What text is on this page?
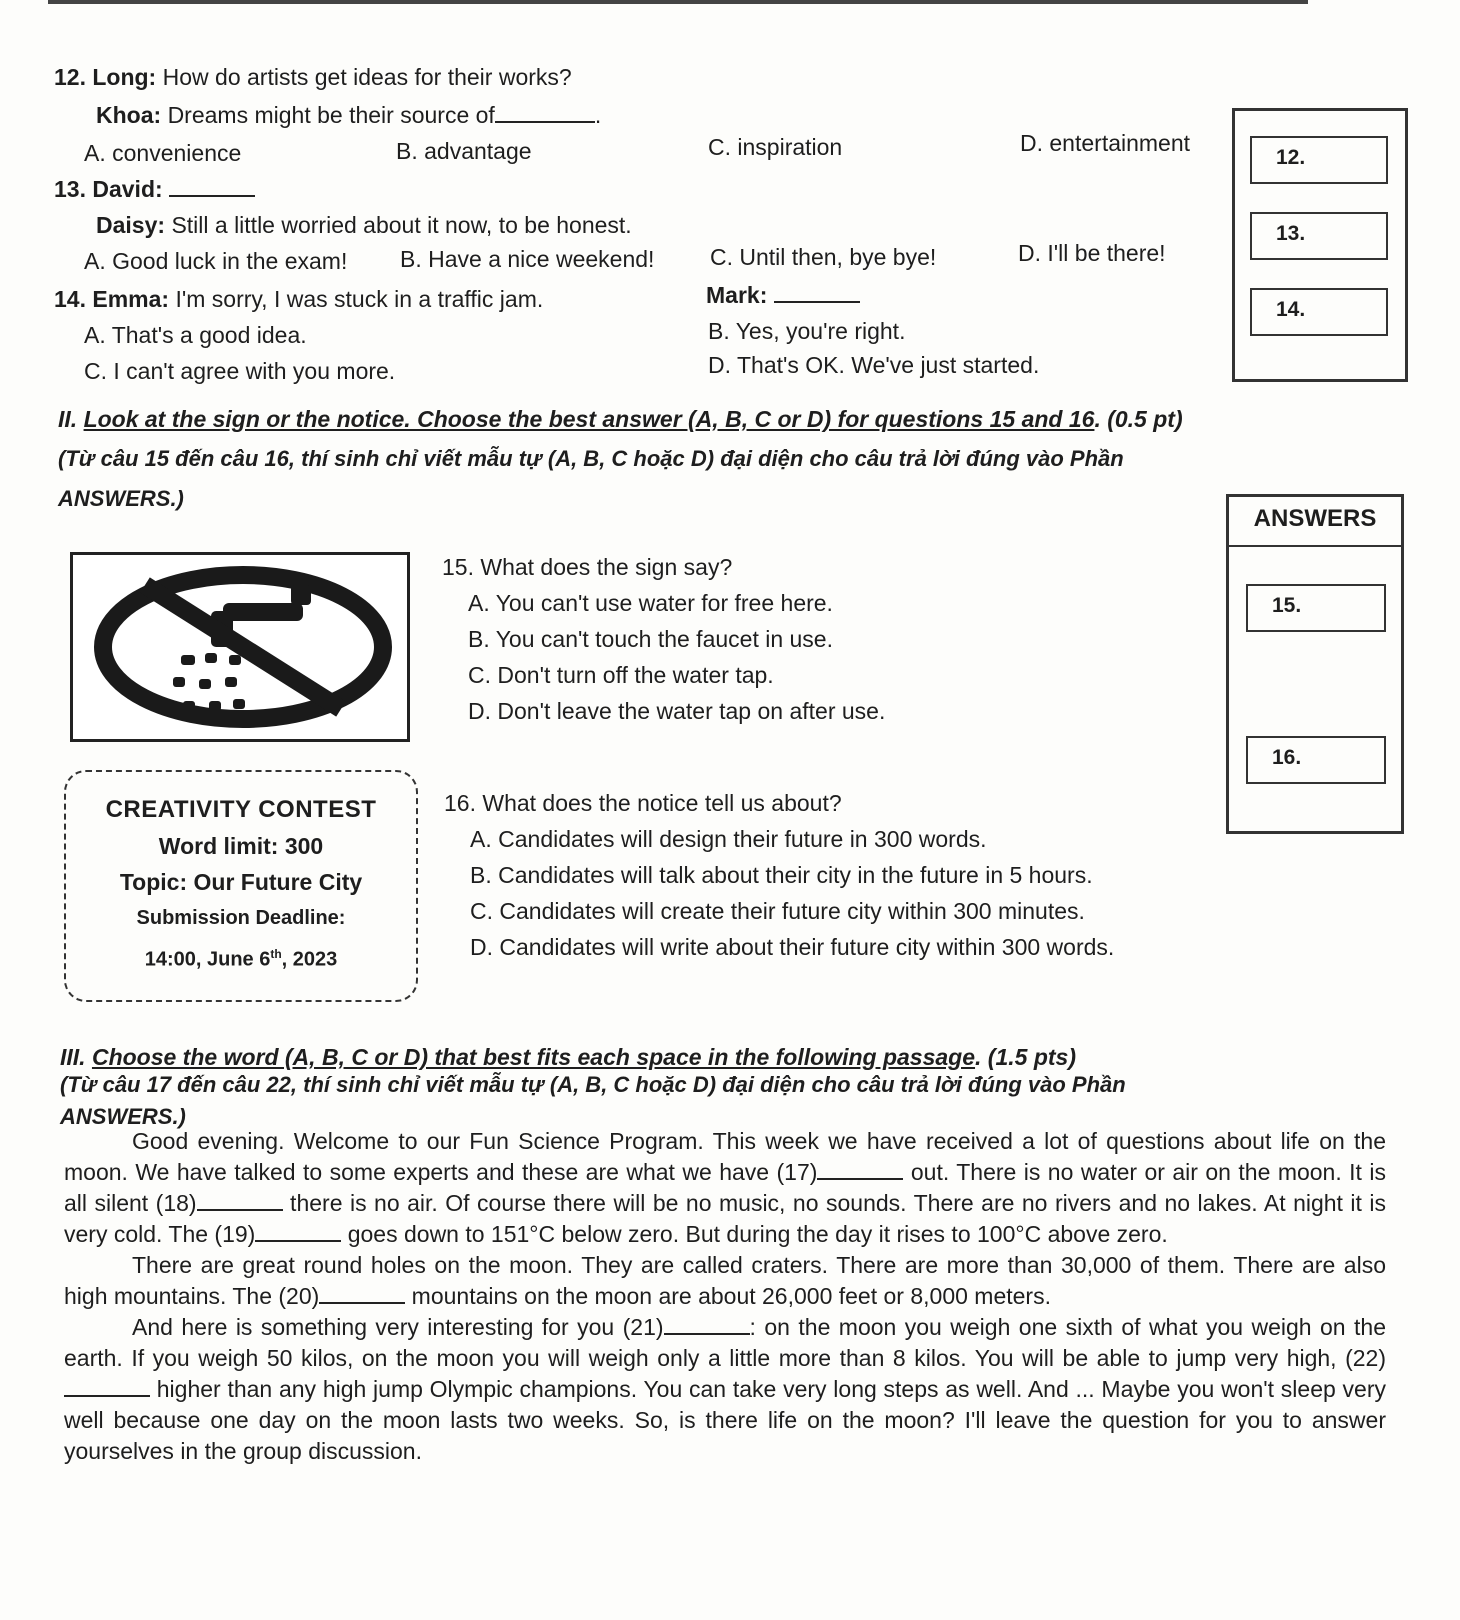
12. Long: How do artists get ideas for their works?
Khoa: Dreams might be their source of	.
A. convenience	B. advantage	C. inspiration	D. entertainment
13. David:
Daisy: Still a little worried about it now, to be honest.
A. Good luck in the exam! B. Have a nice weekend! C. Until then, bye bye!	D. I'll be there!
14. Emma: I'm sorry, I was stuck in a traffic jam.	Mark:
A. That's a good idea.	B. Yes, you're right.
C. I can't agree with you more.	D. That's OK. We've just started.
12.
13.
14.
II. Look at the sign or the notice. Choose the best answer (A, B, C or D) for questions 15 and 16. (0.5 pt)
(Từ câu 15 đến câu 16, thí sinh chỉ viết mẫu tự (A, B, C hoặc D) đại diện cho câu trả lời đúng vào Phần
ANSWERS.)
ANSWERS
15.
16.
15. What does the sign say?
A. You can't use water for free here.
B. You can't touch the faucet in use.
C. Don't turn off the water tap.
D. Don't leave the water tap on after use.
CREATIVITY CONTEST
Word limit: 300
Topic: Our Future City
Submission Deadline:
14:00, June 6th, 2023
16. What does the notice tell us about?
A. Candidates will design their future in 300 words.
B. Candidates will talk about their city in the future in 5 hours.
C. Candidates will create their future city within 300 minutes.
D. Candidates will write about their future city within 300 words.
III. Choose the word (A, B, C or D) that best fits each space in the following passage. (1.5 pts)
(Từ câu 17 đến câu 22, thí sinh chỉ viết mẫu tự (A, B, C hoặc D) đại diện cho câu trả lời đúng vào Phần
ANSWERS.)

Good evening. Welcome to our Fun Science Program. This week we have received a lot of questions about life on the moon. We have talked to some experts and these are what we have (17)	out. There is no water or air on the moon. It is all silent (18)	there is no air. Of course there will be no music, no sounds. There are no rivers and no lakes. At night it is very cold. The (19)	goes down to 151°C below zero. But during the day it rises to 100°C above zero.

There are great round holes on the moon. They are called craters. There are more than 30,000 of them. There are also high mountains. The (20)	mountains on the moon are about 26,000 feet or 8,000 meters.

And here is something very interesting for you (21)	: on the moon you weigh one sixth of what you weigh on the earth. If you weigh 50 kilos, on the moon you will weigh only a little more than 8 kilos. You will be able to jump very high, (22) higher than any high jump Olympic champions. You can take very long steps as well. And ... Maybe you won't sleep very well because one day on the moon lasts two weeks. So, is there life on the moon? I'll leave the question for you to answer yourselves in the group discussion.
